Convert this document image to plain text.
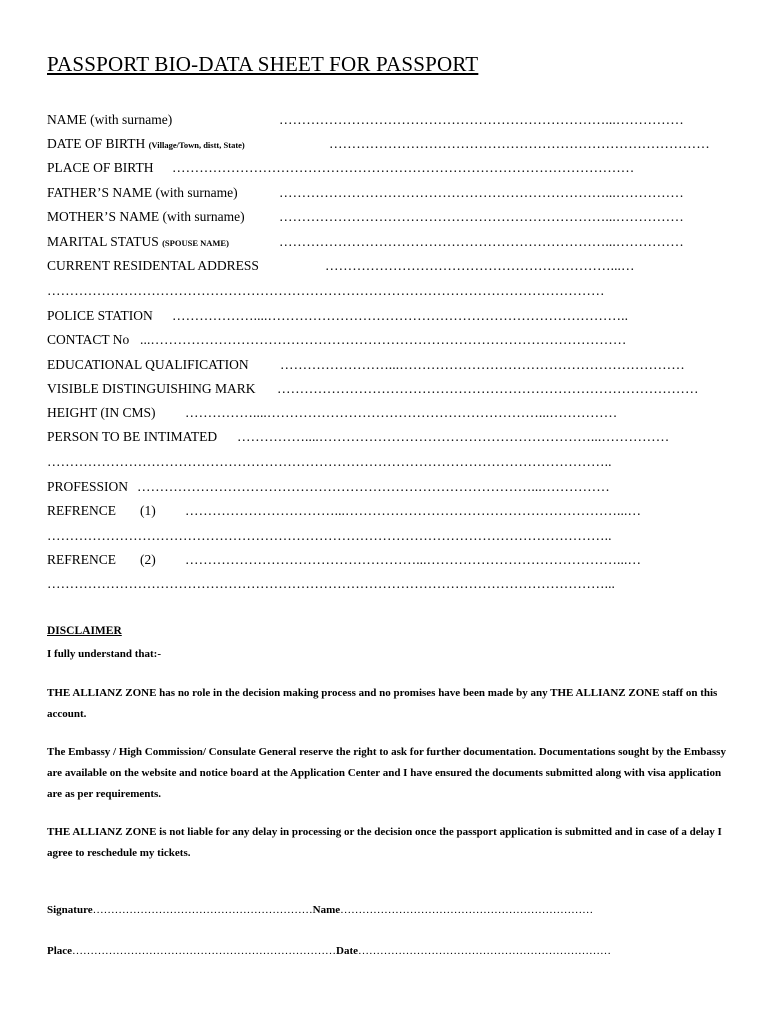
PASSPORT BIO-DATA SHEET FOR PASSPORT
NAME (with surname)	………………………………………………………………...……………
DATE OF BIRTH (Village/Town, distt, State)	…………………………………………………………………………
PLACE OF BIRTH …………………………………………………………………………………………
FATHER’S NAME (with surname)	………………………………………………………………...……………
MOTHER’S NAME (with surname)	………………………………………………………………...……………
MARITAL STATUS (SPOUSE NAME)	………………………………………………………………...……………
CURRENT RESIDENTAL ADDRESS	………………………………………………………...…
……………………………………………………………………………………………………………
POLICE STATION ………………....……………………………………………………………………..
CONTACT No ...……………………………………………………………………………………………
EDUCATIONAL QUALIFICATION ……………………...………………………………………………………
VISIBLE DISTINGUISHING MARK …………………………………………………………………………………
HEIGHT (IN CMS) ……………....……………………………………………………...……………
PERSON TO BE INTIMATED ……………....……………………………………………………...……………
……………………………………………………………………………………………………………..
PROFESSION ……………………………………………………………………………...……………
REFRENCE (1) ……………………………...……………………………………………………...…
……………………………………………………………………………………………………………..
REFRENCE (2) ……………………………………………...……………………………………...…
……………………………………………………………………………………………………………...
DISCLAIMER
I fully understand that:-
THE ALLIANZ ZONE has no role in the decision making process and no promises have been made by any THE ALLIANZ ZONE staff on this account.
The Embassy / High Commission/ Consulate General reserve the right to ask for further documentation. Documentations sought by the Embassy are available on the website and notice board at the Application Center and I have ensured the documents submitted along with visa application are as per requirements.
THE ALLIANZ ZONE is not liable for any delay in processing or the decision once the passport application is submitted and in case of a delay I agree to reschedule my tickets.
Signature……………………………………………………Name……………………………………………………………
Place………………………………………………………………Date……………………………………………………………
